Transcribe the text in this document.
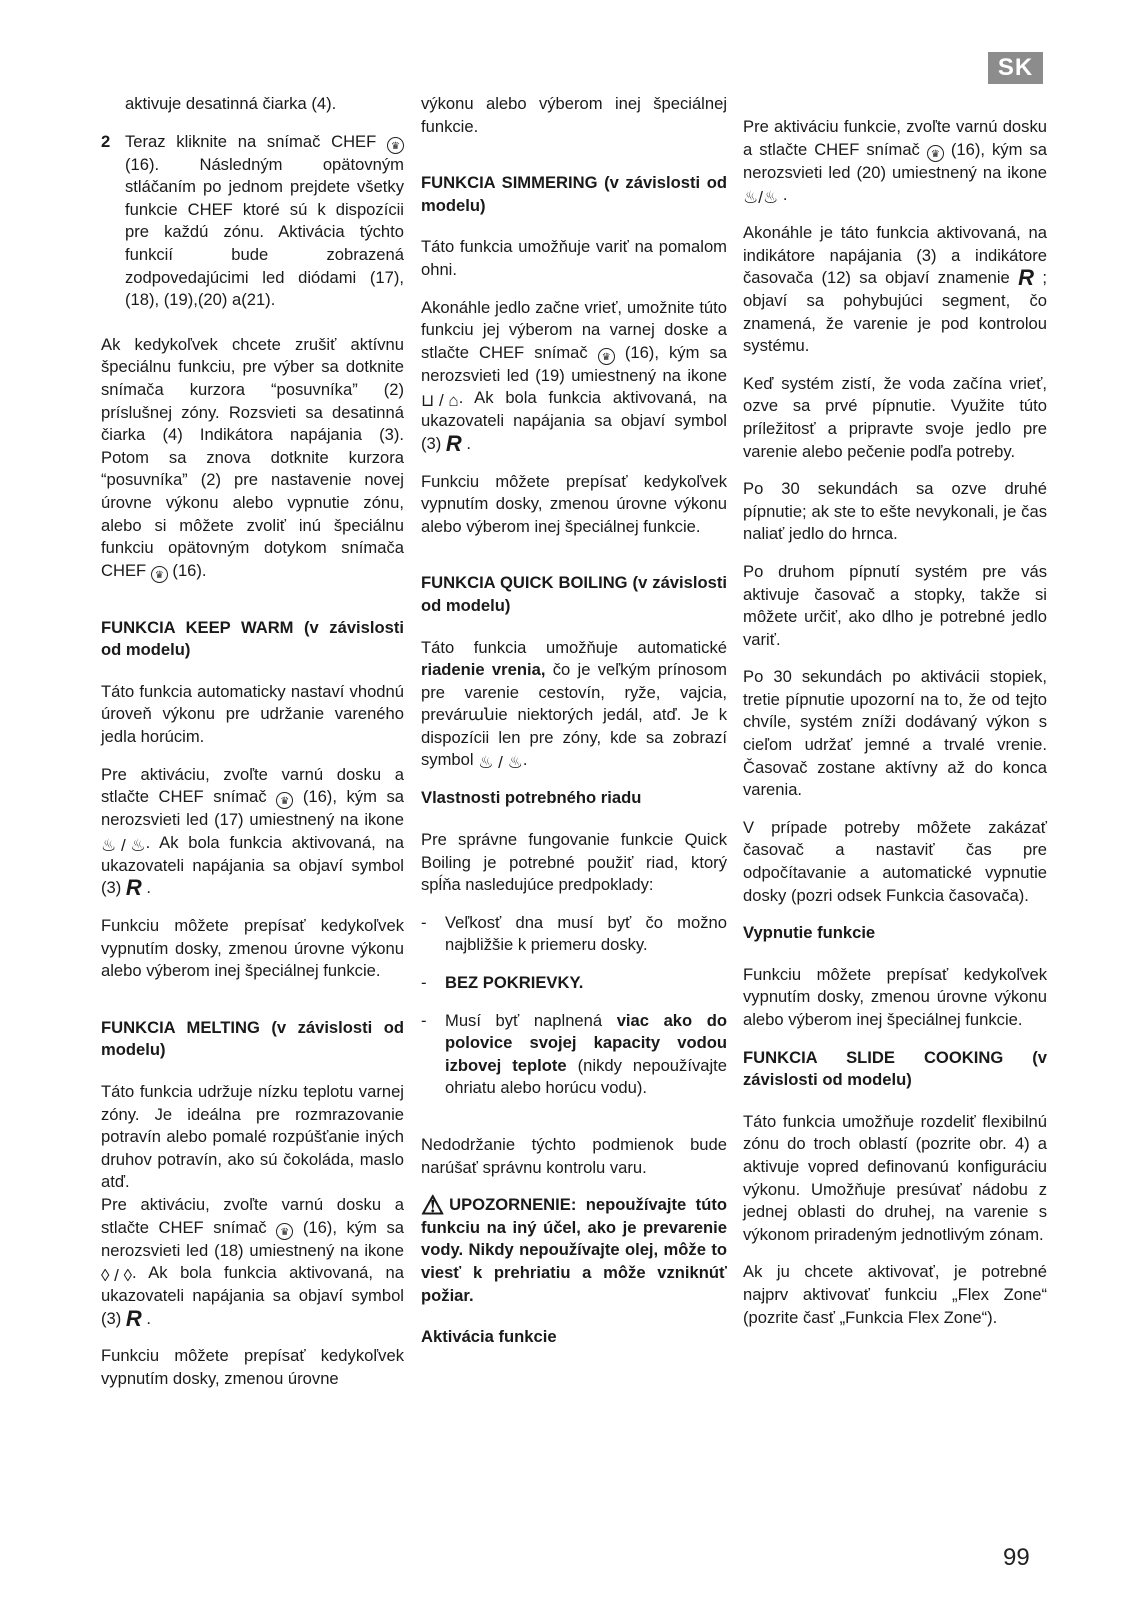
SK

aktivuje desatinná čiarka (4).

2 Teraz kliknite na snímač CHEF ♛ (16). Následným opätovným stláčaním po jednom prejdete všetky funkcie CHEF ktoré sú k dispozícii pre každú zónu. Aktivácia týchto funkcií bude zobrazená zodpovedajúcimi led diódami (17), (18), (19),(20) a(21).

Ak kedykoľvek chcete zrušiť aktívnu špeciálnu funkciu, pre výber sa dotknite snímača kurzora “posuvníka” (2) príslušnej zóny. Rozsvieti sa desatinná čiarka (4) Indikátora napájania (3). Potom sa znova dotknite kurzora “posuvníka” (2) pre nastavenie novej úrovne výkonu alebo vypnutie zónu, alebo si môžete zvoliť inú špeciálnu funkciu opätovným dotykom snímača CHEF ♛ (16).

FUNKCIA KEEP WARM (v závislosti od modelu)

Táto funkcia automaticky nastaví vhodnú úroveň výkonu pre udržanie vareného jedla horúcim.

Pre aktiváciu, zvoľte varnú dosku a stlačte CHEF snímač ♛ (16), kým sa nerozsvieti led (17) umiestnený na ikone ♨ / ♨. Ak bola funkcia aktivovaná, na ukazovateli napájania sa objaví symbol (3) R .

Funkciu môžete prepísať kedykoľvek vypnutím dosky, zmenou úrovne výkonu alebo výberom inej špeciálnej funkcie.

FUNKCIA MELTING (v závislosti od modelu)

Táto funkcia udržuje nízku teplotu varnej zóny. Je ideálna pre rozmrazovanie potravín alebo pomalé rozpúšťanie iných druhov potravín, ako sú čokoláda, maslo atď.

Pre aktiváciu, zvoľte varnú dosku a stlačte CHEF snímač ♛ (16), kým sa nerozsvieti led (18) umiestnený na ikone ◊ / ◊. Ak bola funkcia aktivovaná, na ukazovateli napájania sa objaví symbol (3) R .

Funkciu môžete prepísať kedykoľvek vypnutím dosky, zmenou úrovne

výkonu alebo výberom inej špeciálnej funkcie.

FUNKCIA SIMMERING (v závislosti od modelu)

Táto funkcia umožňuje variť na pomalom ohni.

Akonáhle jedlo začne vrieť, umožnite túto funkciu jej výberom na varnej doske a stlačte CHEF snímač ♛ (16), kým sa nerozsvieti led (19) umiestnený na ikone ⊔ / ⌂. Ak bola funkcia aktivovaná, na ukazovateli napájania sa objaví symbol (3) R .

Funkciu môžete prepísať kedykoľvek vypnutím dosky, zmenou úrovne výkonu alebo výberom inej špeciálnej funkcie.

FUNKCIA QUICK BOILING (v závislosti od modelu)

Táto funkcia umožňuje automatické riadenie vrenia, čo je veľkým prínosom pre varenie cestovín, ryže, vajcia, prevárանie niektorých jedál, atď. Je k dispozícii len pre zóny, kde sa zobrazí symbol ♨ / ♨.

Vlastnosti potrebného riadu

Pre správne fungovanie funkcie Quick Boiling je potrebné použiť riad, ktorý spĺňa nasledujúce predpoklady:

- Veľkosť dna musí byť čo možno najbližšie k priemeru dosky.

- BEZ POKRIEVKY.

- Musí byť naplnená viac ako do polovice svojej kapacity vodou izbovej teplote (nikdy nepoužívajte ohriatu alebo horúcu vodu).

Nedodržanie týchto podmienok bude narúšať správnu kontrolu varu.

⚠UPOZORNENIE: nepoužívajte túto funkciu na iný účel, ako je prevarenie vody. Nikdy nepoužívajte olej, môže to viesť k prehriatiu a môže vzniknúť požiar.

Aktivácia funkcie

Pre aktiváciu funkcie, zvoľte varnú dosku a stlačte CHEF snímač ♛ (16), kým sa nerozsvieti led (20) umiestnený na ikone ♨/♨ .

Akonáhle je táto funkcia aktivovaná, na indikátore napájania (3) a indikátore časovača (12) sa objaví znamenie R ; objaví sa pohybujúci segment, čo znamená, že varenie je pod kontrolou systému.

Keď systém zistí, že voda začína vrieť, ozve sa prvé pípnutie. Využite túto príležitosť a pripravte svoje jedlo pre varenie alebo pečenie podľa potreby.

Po 30 sekundách sa ozve druhé pípnutie; ak ste to ešte nevykonali, je čas naliať jedlo do hrnca.

Po druhom pípnutí systém pre vás aktivuje časovač a stopky, takže si môžete určiť, ako dlho je potrebné jedlo variť.

Po 30 sekundách po aktivácii stopiek, tretie pípnutie upozorní na to, že od tejto chvíle, systém zníži dodávaný výkon s cieľom udržať jemné a trvalé vrenie. Časovač zostane aktívny až do konca varenia.

V prípade potreby môžete zakázať časovač a nastaviť čas pre odpočítavanie a automatické vypnutie dosky (pozri odsek Funkcia časovača).

Vypnutie funkcie

Funkciu môžete prepísať kedykoľvek vypnutím dosky, zmenou úrovne výkonu alebo výberom inej špeciálnej funkcie.

FUNKCIA SLIDE COOKING (v závislosti od modelu)

Táto funkcia umožňuje rozdeliť flexibilnú zónu do troch oblastí (pozrite obr. 4) a aktivuje vopred definovanú konfiguráciu výkonu. Umožňuje presúvať nádobu z jednej oblasti do druhej, na varenie s výkonom priradeným jednotlivým zónam.

Ak ju chcete aktivovať, je potrebné najprv aktivovať funkciu „Flex Zone“ (pozrite časť „Funkcia Flex Zone“).

99
